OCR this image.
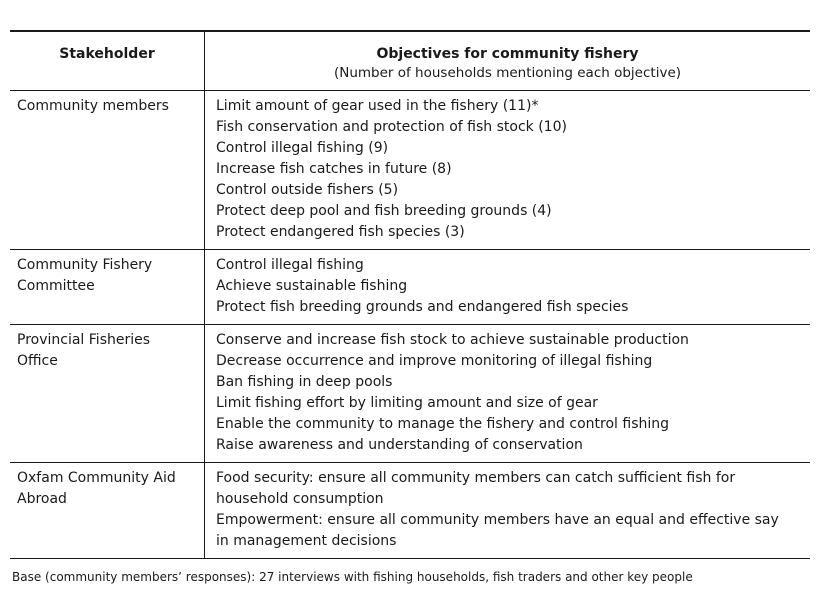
Stakeholder	Objectives for community fishery
(Number of households mentioning each objective)
Community members	Limit amount of gear used in the fishery (11)*
Fish conservation and protection of fish stock (10)
Control illegal fishing (9)
Increase fish catches in future (8)
Control outside fishers (5)
Protect deep pool and fish breeding grounds (4)
Protect endangered fish species (3)
Community Fishery
Committee
Control illegal fishing
Achieve sustainable fishing
Protect fish breeding grounds and endangered fish species
Provincial Fisheries
Office
Conserve and increase fish stock to achieve sustainable production
Decrease occurrence and improve monitoring of illegal fishing
Ban fishing in deep pools
Limit fishing effort by limiting amount and size of gear
Enable the community to manage the fishery and control fishing
Raise awareness and understanding of conservation
Oxfam Community Aid
Abroad
Food security: ensure all community members can catch sufficient fish for
household consumption
Empowerment: ensure all community members have an equal and effective say
in management decisions
Base (community members’ responses): 27 interviews with fishing households, fish traders and other key people
